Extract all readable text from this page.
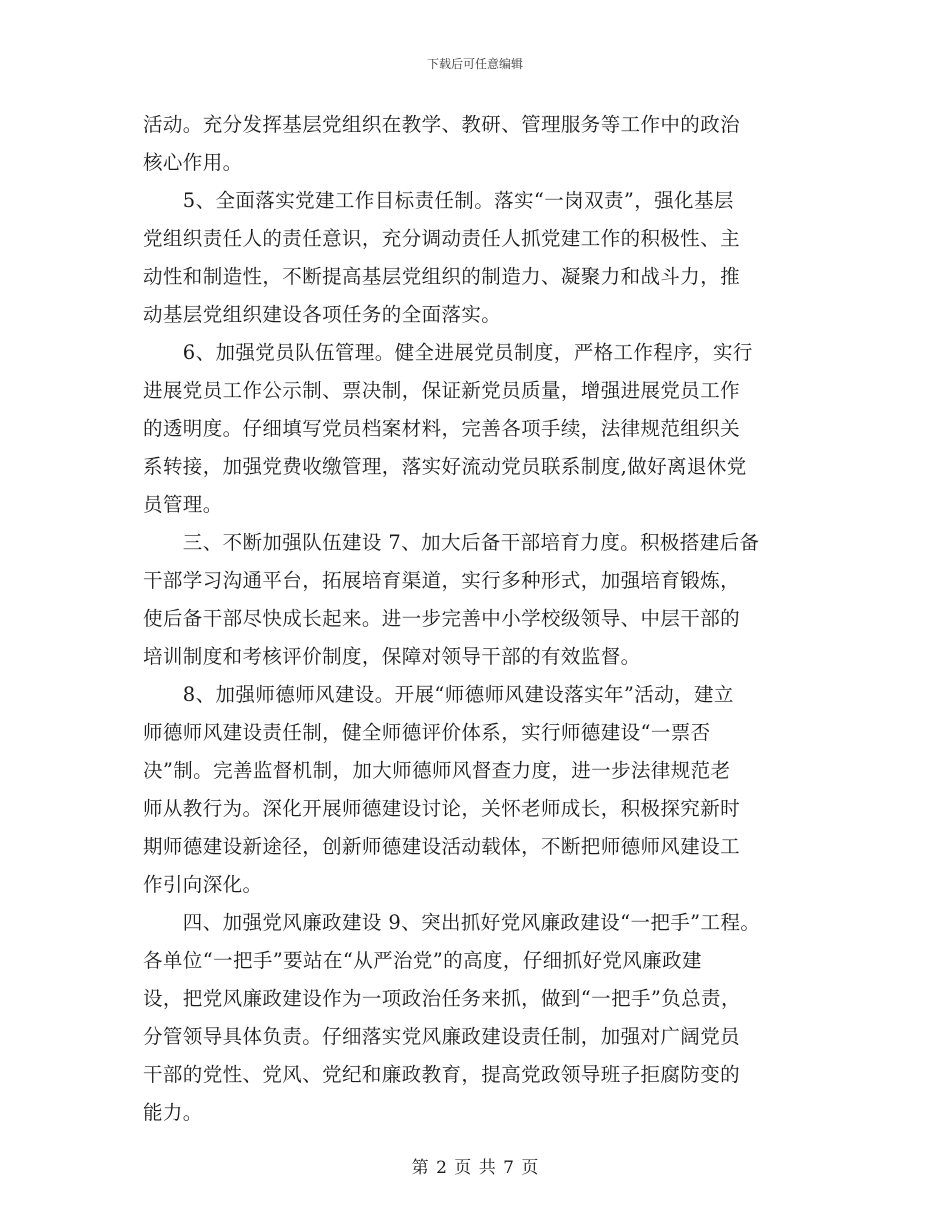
下载后可任意编辑
活动。充分发挥基层党组织在教学、教研、管理服务等工作中的政治
核心作用。
　　5、全面落实党建工作目标责任制。落实“一岗双责”，强化基层
党组织责任人的责任意识，充分调动责任人抓党建工作的积极性、主
动性和制造性，不断提高基层党组织的制造力、凝聚力和战斗力，推
动基层党组织建设各项任务的全面落实。
　　6、加强党员队伍管理。健全进展党员制度，严格工作程序，实行
进展党员工作公示制、票决制，保证新党员质量，增强进展党员工作
的透明度。仔细填写党员档案材料，完善各项手续，法律规范组织关
系转接，加强党费收缴管理，落实好流动党员联系制度,做好离退休党
员管理。
　　三、不断加强队伍建设 7、加大后备干部培育力度。积极搭建后备
干部学习沟通平台，拓展培育渠道，实行多种形式，加强培育锻炼，
使后备干部尽快成长起来。进一步完善中小学校级领导、中层干部的
培训制度和考核评价制度，保障对领导干部的有效监督。
　　8、加强师德师风建设。开展“师德师风建设落实年”活动，建立
师德师风建设责任制，健全师德评价体系，实行师德建设“一票否
决”制。完善监督机制，加大师德师风督查力度，进一步法律规范老
师从教行为。深化开展师德建设讨论，关怀老师成长，积极探究新时
期师德建设新途径，创新师德建设活动载体，不断把师德师风建设工
作引向深化。
　　四、加强党风廉政建设 9、突出抓好党风廉政建设“一把手”工程。
各单位“一把手”要站在“从严治党”的高度，仔细抓好党风廉政建
设，把党风廉政建设作为一项政治任务来抓，做到“一把手”负总责，
分管领导具体负责。仔细落实党风廉政建设责任制，加强对广阔党员
干部的党性、党风、党纪和廉政教育，提高党政领导班子拒腐防变的
能力。
第 2 页 共 7 页
